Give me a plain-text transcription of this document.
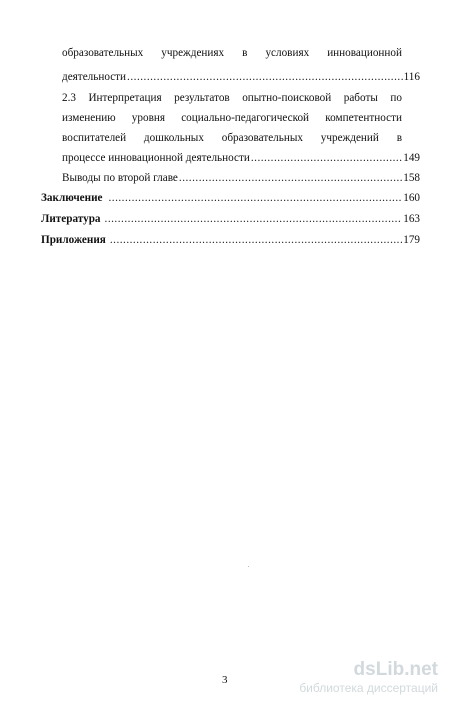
образовательных учреждениях в условиях инновационной
деятельности .....	116
2.3 Интерпретация результатов опытно-поисковой работы по
изменению уровня социально-педагогической компетентности
воспитателей дошкольных образовательных учреждений в
процессе инновационной деятельности .....	149
Выводы по второй главе .....	158
Заключение .....	160
Литература .....	163
Приложения .....	179
3	dsLib.net
библиотека диссертаций
